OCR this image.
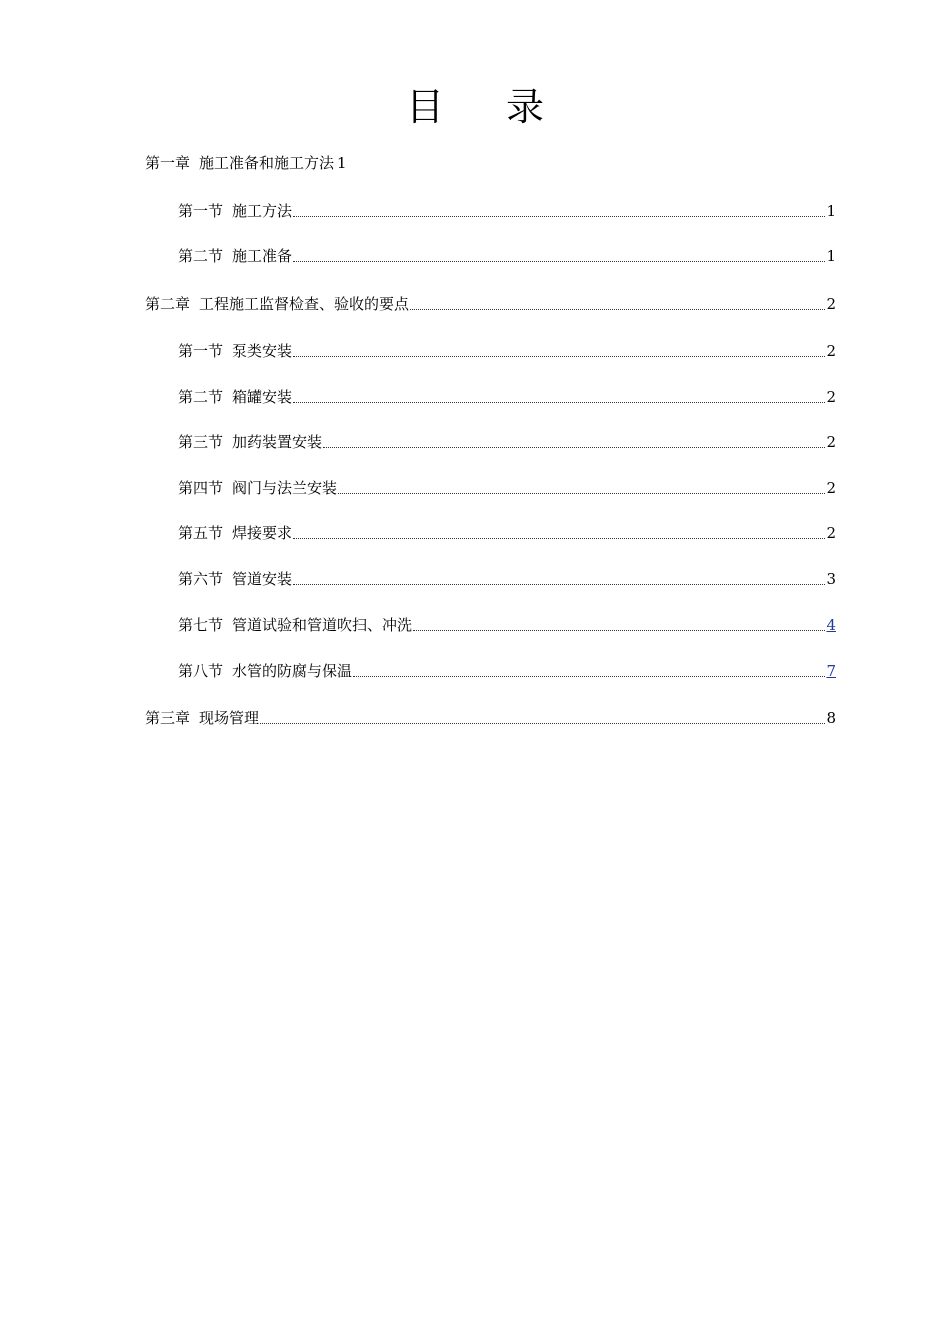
目 录
第一章 施工准备和施工方法 1
第一节 施工方法	1
第二节 施工准备	1
第二章 工程施工监督检查、验收的要点	2
第一节 泵类安装	2
第二节 箱罐安装	2
第三节 加药装置安装	2
第四节 阀门与法兰安装	2
第五节 焊接要求	2
第六节 管道安装	3
第七节 管道试验和管道吹扫、冲洗	4
第八节 水管的防腐与保温	7
第三章 现场管理	8
